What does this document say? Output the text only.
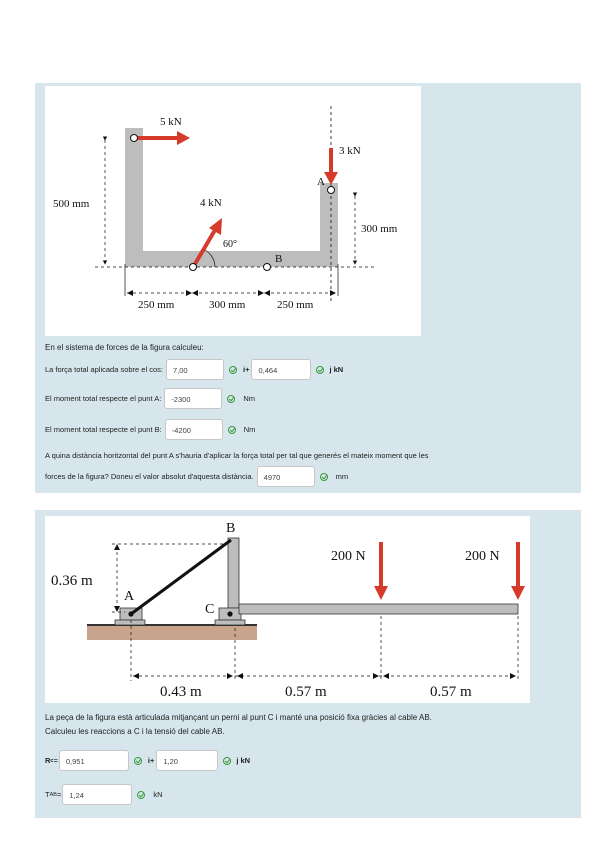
500 mm
300 mm
250 mm	300 mm	250 mm
5 kN
3 kN
A
4 kN
60°
B
En el sistema de forces de la figura calculeu:
La força total aplicada sobre el cos:	7,00	i+	0,464	j kN
El moment total respecte el punt A:	-2300	Nm
El moment total respecte el punt B:	-4200	Nm
A quina distància horitzontal del punt A s'hauria d'aplicar la força total per tal que generés el mateix moment que les
forces de la figura? Doneu el valor absolut d'aquesta distància.	4970	mm
A
B
C
0.36 m
200 N	200 N
0.43 m	0.57 m	0.57 m
La peça de la figura està articulada mitjançant un perni al punt C i manté una posició fixa gràcies al cable AB.
Calculeu les reaccions a C i la tensió del cable AB.
R c =	0,951	i+	1,20	j kN
T AB =	1,24	kN
